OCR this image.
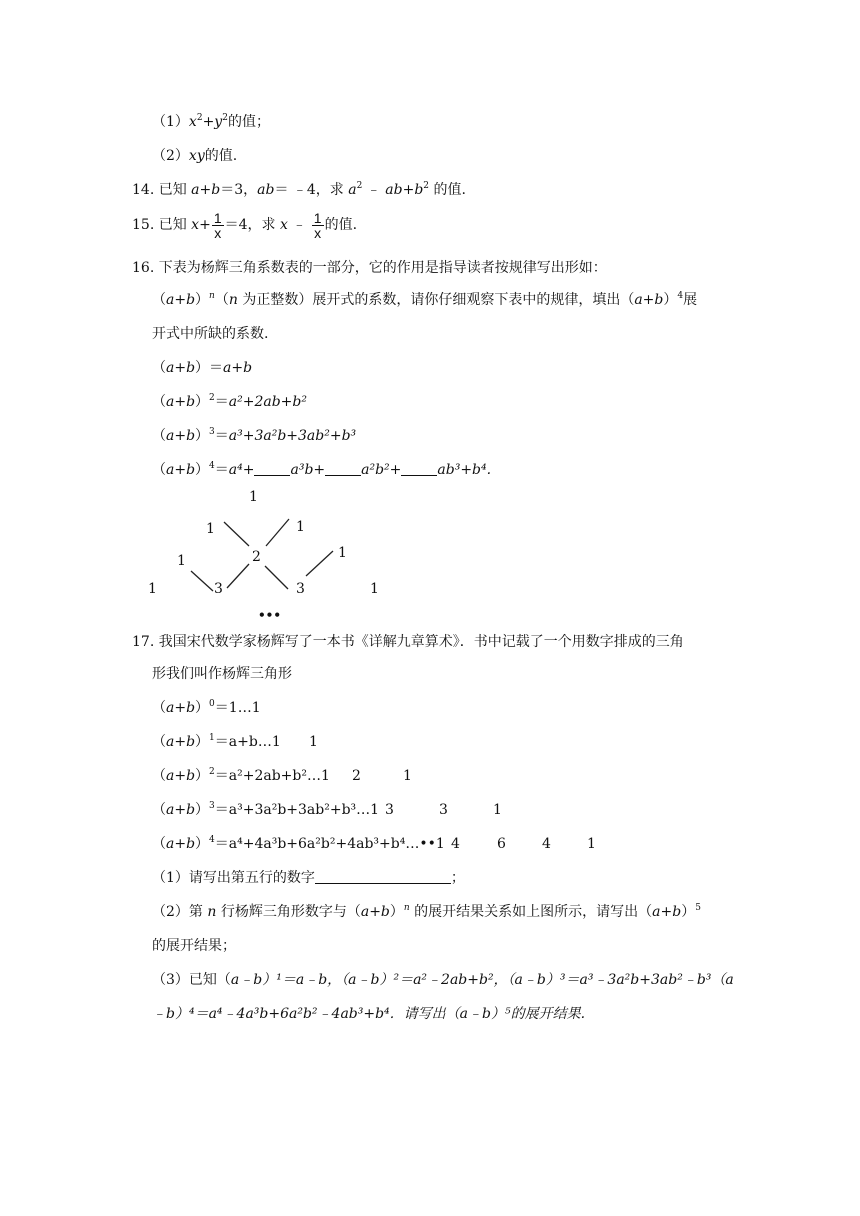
$(1)x^2+y^2$的值；
（2）xy的值.
14. 已知 a+b＝3，ab＝ ﹣4，求 $a^2$ ﹣ $ab+b^2$ 的值.
15. 已知 $x+ \frac{1}{x} =4$，求 x ﹣ $\frac{1}{x}$ 的值.
16. 下表为杨辉三角系数表的一部分，它的作用是指导读者按规律写出形如：
$(a+b)^n(n$ 为正整数）展开式的系数，请你仔细观察下表中的规律，填出$(a+b)^4$展
开式中所缺的系数.
（a+b）＝a+b
$(a+b)^2=a^2+2ab+b^2$
$(a+b)^3=a^3+3a^2b+3ab^2+b^3$
$(a+b)^4=a^4+$	a³b+	a²b²+	ab³+b⁴.
1
1	1
1	2	1
1	3	3	1
•••
17. 我国宋代数学家杨辉写了一本书《详解九章算术》．书中记载了一个用数字排成的三角
形我们叫作杨辉三角形
$(a+b)^0=1\dots 1$
$(a+b)^1=a+b\dots 1$ 1
$(a+b)^2=a^2+2ab+b^2\dots 1$ 2	1
$(a+b)^3=a^3+3a^2b+3ab^2+b^3\dots 1$ 3	3	1
$(a+b)^4=a^4+4a^3b+6a^2b^2+4ab^3+b^4\dots••1$ 4	6	4	1
（1）请写出第五行的数字	；
（2）第 n 行杨辉三角形数字与$(a+b)^n$ 的展开结果关系如上图所示，请写出$(a+b)^5$
的展开结果；
（3）已知（a﹣b）¹＝a﹣b，（a﹣b）²＝a²﹣2ab+b²，（a﹣b）³＝a³﹣3a²b+3ab²﹣b³（a
﹣b）⁴＝a⁴﹣4a³b+6a²b²﹣4ab³+b⁴．请写出（a﹣b）⁵的展开结果.
